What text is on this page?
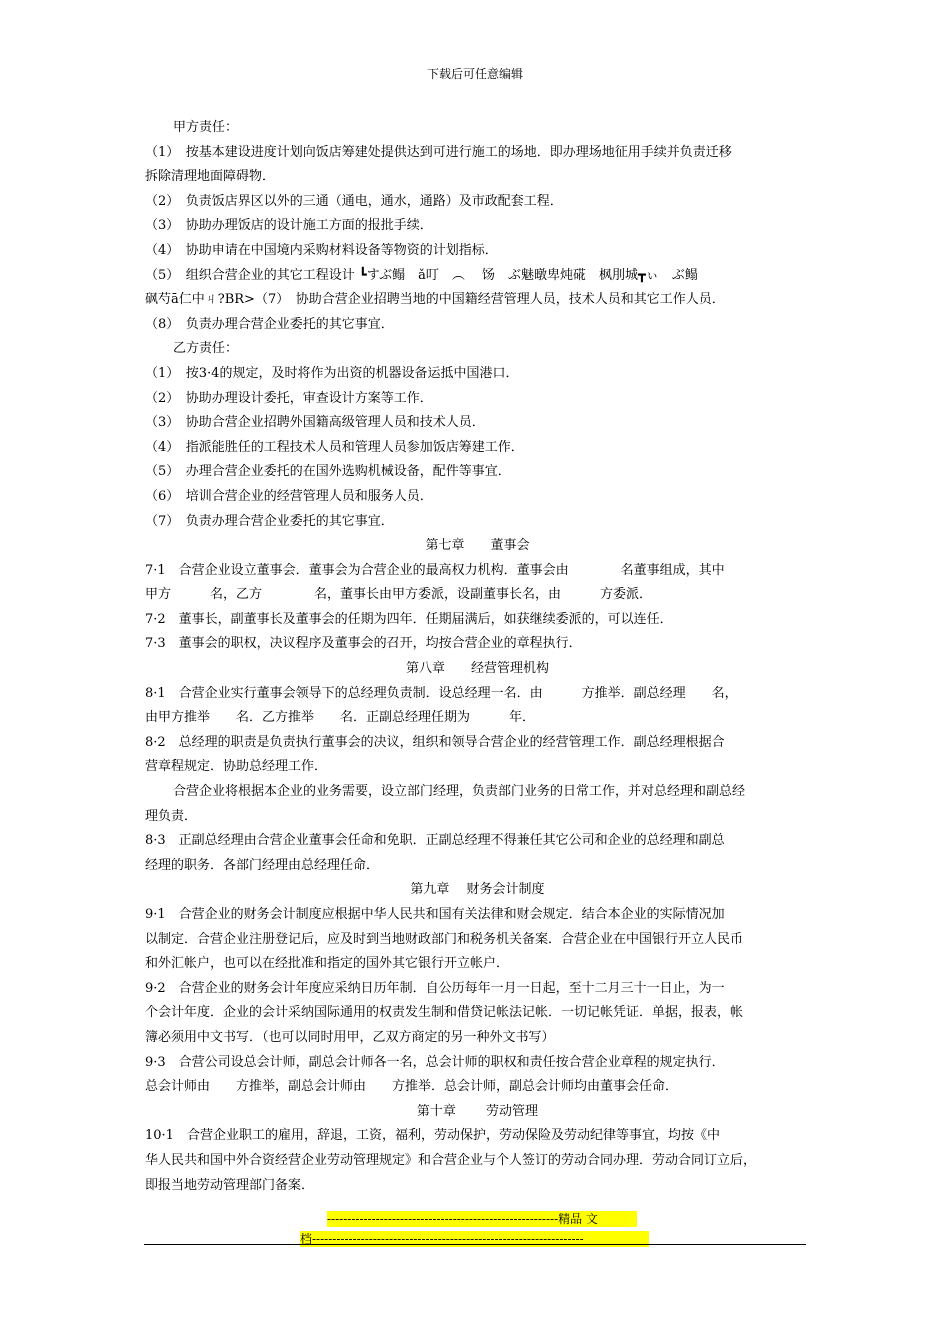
下载后可任意编辑

甲方责任：

（1）　按基本建设进度计划向饭店筹建处提供达到可进行施工的场地．即办理场地征用手续并负责迁移

拆除清理地面障碍物．

（2）　负责饭店界区以外的三通（通电，通水，通路）及市政配套工程．

（3）　协助办理饭店的设计施工方面的报批手续．

（4）　协助申请在中国境内采购材料设备等物资的计划指标．

（5）　组织合营企业的其它工程设计 ┗すぶ鳎　ǎ叮　︵　 饧　ぶ魅暾卑炖硴　枫刖城┳ぃ　ぶ鳎

砜芍ā仁中ㄐ?BR>（7）　协助合营企业招聘当地的中国籍经营管理人员，技术人员和其它工作人员．

（8）　负责办理合营企业委托的其它事宜．

乙方责任：

（1）　按3·4的规定，及时将作为出资的机器设备运抵中国港口．

（2）　协助办理设计委托，审查设计方案等工作．

（3）　协助合营企业招聘外国籍高级管理人员和技术人员．

（4）　指派能胜任的工程技术人员和管理人员参加饭店筹建工作．

（5）　办理合营企业委托的在国外选购机械设备，配件等事宜．

（6）　培训合营企业的经营管理人员和服务人员．

（7）　负责办理合营企业委托的其它事宜．

第七章　　董事会

7·1　合营企业设立董事会．董事会为合营企业的最高权力机构．董事会由　　　　名董事组成，其中

甲方　　　名，乙方　　　　名，董事长由甲方委派，设副董事长名，由　　　方委派．

7·2　董事长，副董事长及董事会的任期为四年．任期届满后，如获继续委派的，可以连任．

7·3　董事会的职权，决议程序及董事会的召开，均按合营企业的章程执行．

第八章　　经营管理机构

8·1　合营企业实行董事会领导下的总经理负责制．设总经理一名．由　　　方推举．副总经理　　名，

由甲方推举　　名．乙方推举　　名．正副总经理任期为　　　年．

8·2　总经理的职责是负责执行董事会的决议，组织和领导合营企业的经营管理工作．副总经理根据合

营章程规定．协助总经理工作．

合营企业将根据本企业的业务需要，设立部门经理，负责部门业务的日常工作，并对总经理和副总经

理负责．

8·3　正副总经理由合营企业董事会任命和免职．正副总经理不得兼任其它公司和企业的总经理和副总

经理的职务．各部门经理由总经理任命．

第九章　 财务会计制度

9·1　合营企业的财务会计制度应根据中华人民共和国有关法律和财会规定．结合本企业的实际情况加

以制定．合营企业注册登记后，应及时到当地财政部门和税务机关备案．合营企业在中国银行开立人民币

和外汇帐户，也可以在经批准和指定的国外其它银行开立帐户．

9·2　合营企业的财务会计年度应采纳日历年制．自公历每年一月一日起，至十二月三十一日止，为一

个会计年度．企业的会计采纳国际通用的权责发生制和借贷记帐法记帐．一切记帐凭证．单据，报表，帐

簿必须用中文书写．（也可以同时用甲，乙双方商定的另一种外文书写）

9·3　合营公司设总会计师，副总会计师各一名，总会计师的职权和责任按合营企业章程的规定执行．

总会计师由　　方推举，副总会计师由　　方推举．总会计师，副总会计师均由董事会任命．

第十章　　 劳动管理

10·1　合营企业职工的雇用，辞退，工资，福利，劳动保护，劳动保险及劳动纪律等事宜，均按《中

华人民共和国中外合资经营企业劳动管理规定》和合营企业与个人签订的劳动合同办理．劳动合同订立后，

即报当地劳动管理部门备案．

---------------------------------------------------------精品 文
档-------------------------------------------------------------------
